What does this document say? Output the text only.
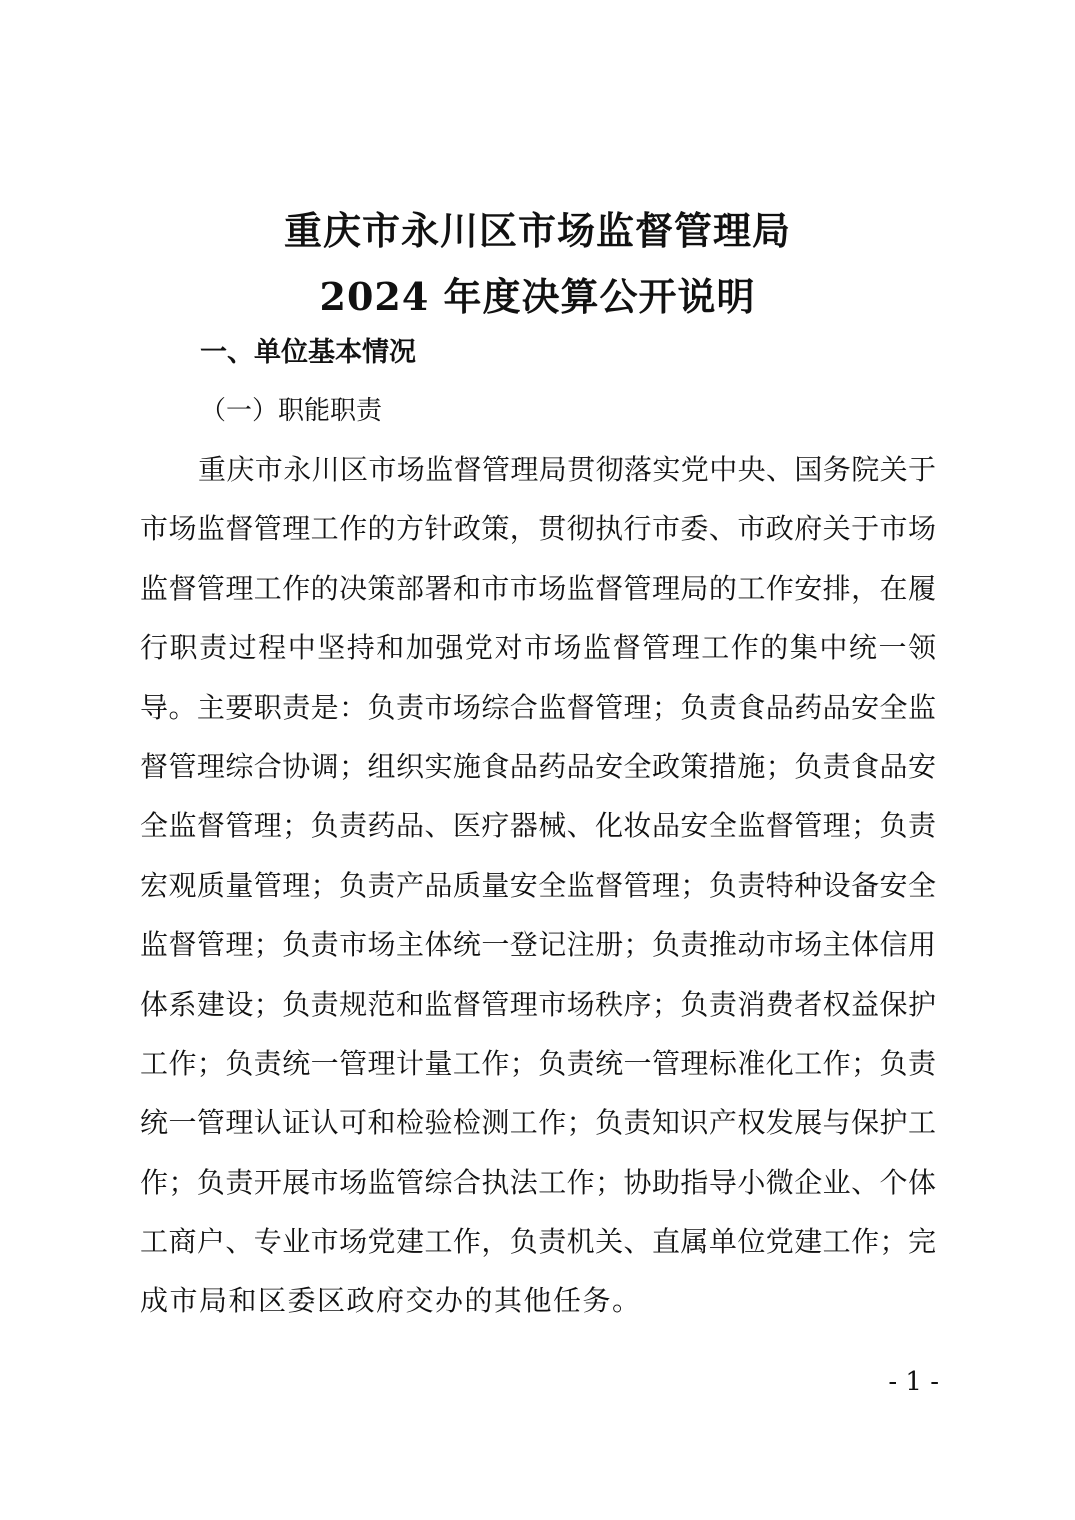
重庆市永川区市场监督管理局
2024 年度决算公开说明
一、单位基本情况
（一）职能职责
重庆市永川区市场监督管理局贯彻落实党中央、国务院关于
市场监督管理工作的方针政策，贯彻执行市委、市政府关于市场
监督管理工作的决策部署和市市场监督管理局的工作安排，在履
行职责过程中坚持和加强党对市场监督管理工作的集中统一领
导。主要职责是：负责市场综合监督管理；负责食品药品安全监
督管理综合协调；组织实施食品药品安全政策措施；负责食品安
全监督管理；负责药品、医疗器械、化妆品安全监督管理；负责
宏观质量管理；负责产品质量安全监督管理；负责特种设备安全
监督管理；负责市场主体统一登记注册；负责推动市场主体信用
体系建设；负责规范和监督管理市场秩序；负责消费者权益保护
工作；负责统一管理计量工作；负责统一管理标准化工作；负责
统一管理认证认可和检验检测工作；负责知识产权发展与保护工
作；负责开展市场监管综合执法工作；协助指导小微企业、个体
工商户、专业市场党建工作，负责机关、直属单位党建工作；完
成市局和区委区政府交办的其他任务。
- 1 -
